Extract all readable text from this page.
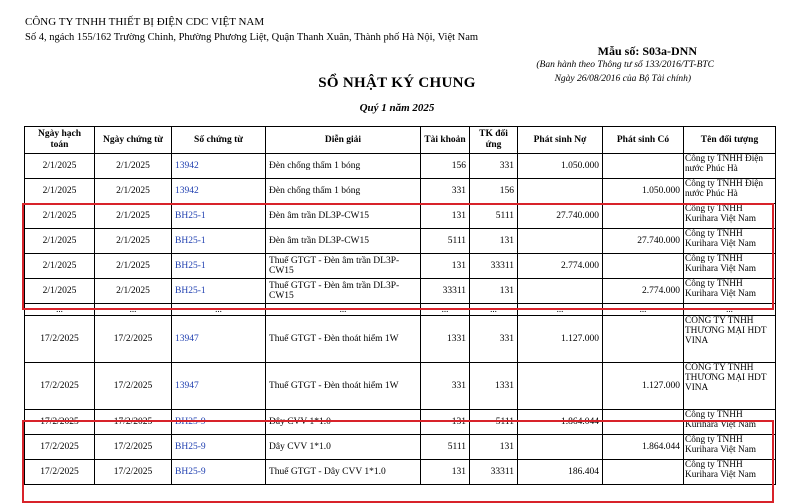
CÔNG TY TNHH THIẾT BỊ ĐIỆN CDC VIỆT NAM
Số 4, ngách 155/162 Trường Chinh, Phường Phương Liệt, Quận Thanh Xuân, Thành phố Hà Nội, Việt Nam
Mẫu số: S03a-DNN
(Ban hành theo Thông tư số 133/2016/TT-BTC
Ngày 26/08/2016 của Bộ Tài chính)
SỔ NHẬT KÝ CHUNG
Quý 1 năm 2025
Ngày hạch toán	Ngày chứng từ	Số chứng từ	Diễn giải	Tài khoản	TK đối ứng	Phát sinh Nợ	Phát sinh Có	Tên đối tượng
2/1/2025	2/1/2025	13942	Đèn chống thấm 1 bóng	156	331	1.050.000		Công ty TNHH Điện nước Phúc Hà
2/1/2025	2/1/2025	13942	Đèn chống thấm 1 bóng	331	156		1.050.000	Công ty TNHH Điện nước Phúc Hà
2/1/2025	2/1/2025	BH25-1	Đèn âm trần DL3P-CW15	131	5111	27.740.000		Công ty TNHH Kurihara Việt Nam
2/1/2025	2/1/2025	BH25-1	Đèn âm trần DL3P-CW15	5111	131		27.740.000	Công ty TNHH Kurihara Việt Nam
2/1/2025	2/1/2025	BH25-1	Thuế GTGT - Đèn âm trần DL3P-CW15	131	33311	2.774.000		Công ty TNHH Kurihara Việt Nam
2/1/2025	2/1/2025	BH25-1	Thuế GTGT - Đèn âm trần DL3P-CW15	33311	131		2.774.000	Công ty TNHH Kurihara Việt Nam
...	...	...	...	...	...	...	...	...
17/2/2025	17/2/2025	13947	Thuế GTGT - Đèn thoát hiểm 1W	1331	331	1.127.000		CÔNG TY TNHH THƯƠNG MẠI HDT VINA
17/2/2025	17/2/2025	13947	Thuế GTGT - Đèn thoát hiểm 1W	331	1331		1.127.000	CÔNG TY TNHH THƯƠNG MẠI HDT VINA
17/2/2025	17/2/2025	BH25-9	Dây CVV 1*1.0	131	5111	1.864.044		Công ty TNHH Kurihara Việt Nam
17/2/2025	17/2/2025	BH25-9	Dây CVV 1*1.0	5111	131		1.864.044	Công ty TNHH Kurihara Việt Nam
17/2/2025	17/2/2025	BH25-9	Thuế GTGT - Dây CVV 1*1.0	131	33311	186.404		Công ty TNHH Kurihara Việt Nam
